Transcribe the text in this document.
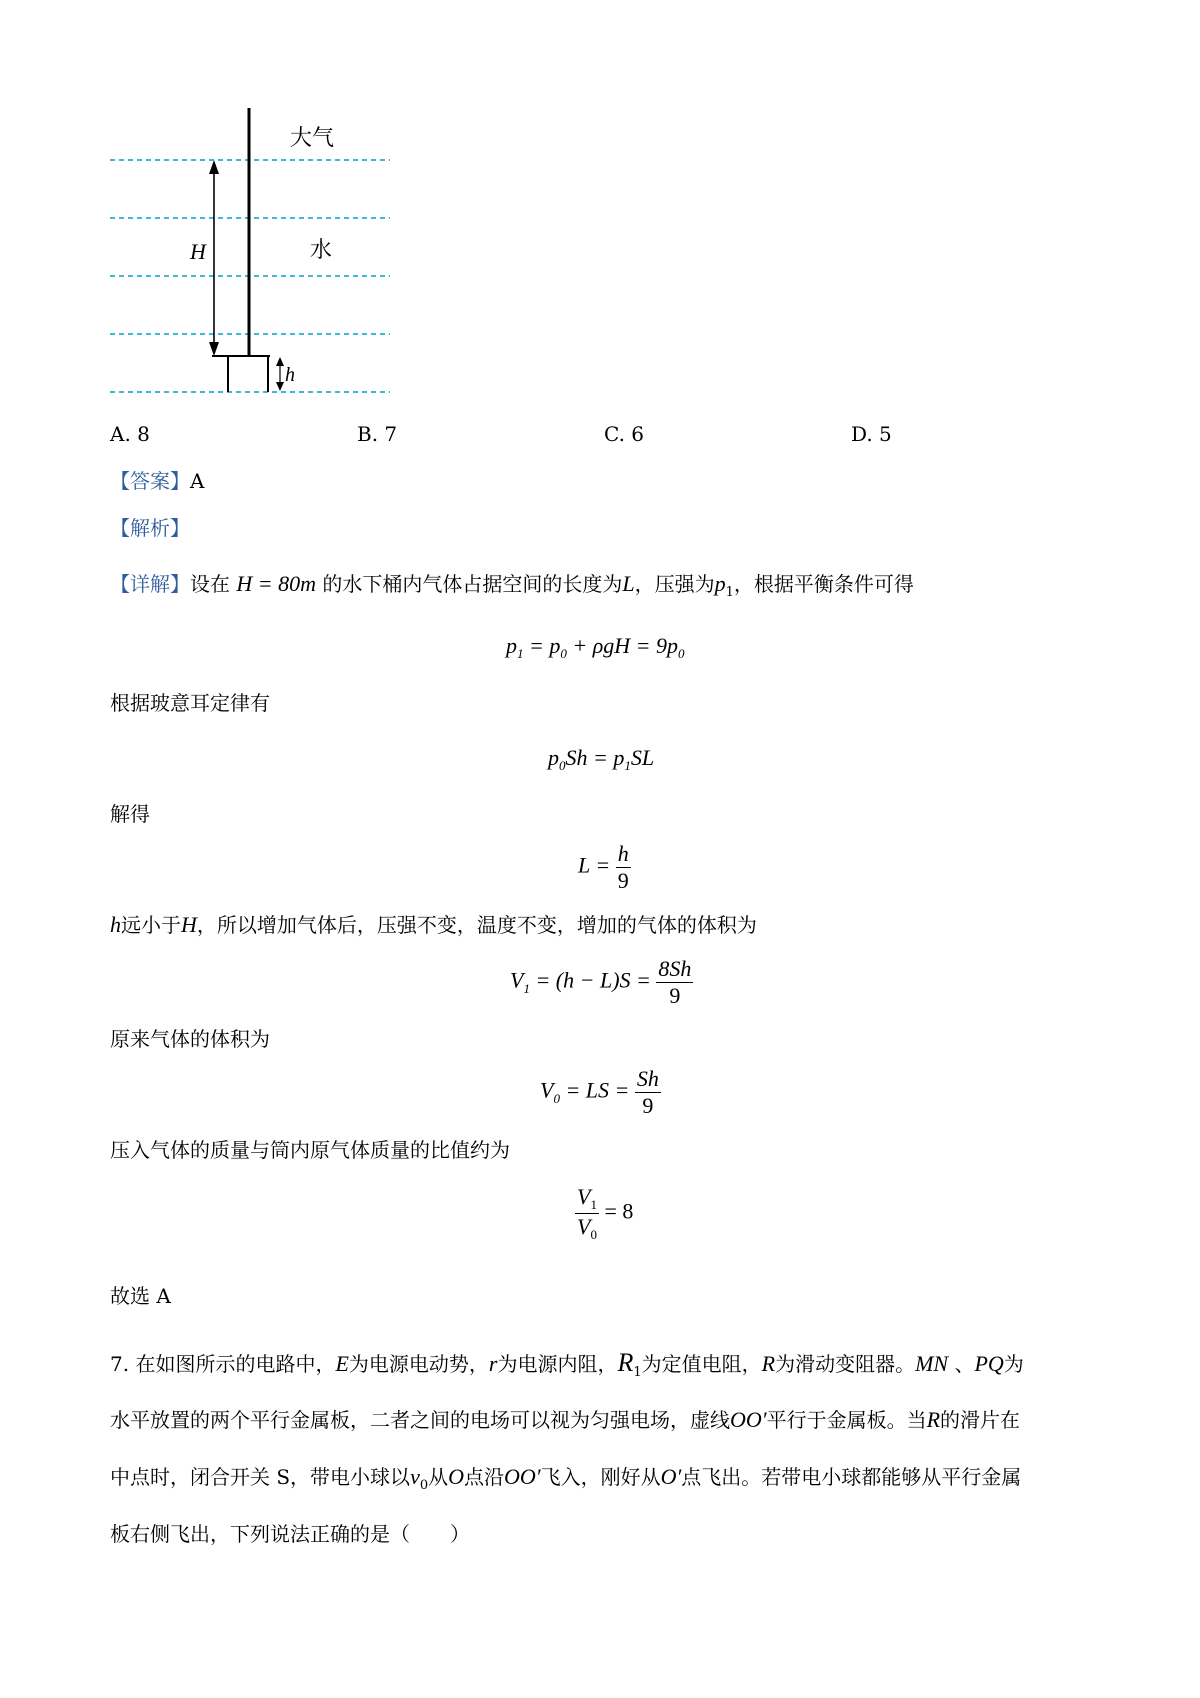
大气
水
H
h
A. 8	B. 7	C. 6	D. 5
【答案】A
【解析】
【详解】设在 H = 80m 的水下桶内气体占据空间的长度为L，压强为$p_1$，根据平衡条件可得
$p_1 = p_0 + \rho gH = 9p_0$
根据玻意耳定律有
$p_0Sh = p_1SL$
解得
$L = \frac{h}{9}$
h远小于H，所以增加气体后，压强不变，温度不变，增加的气体的体积为
$V_1 = (h - L)S = \frac{8Sh}{9}$
原来气体的体积为
$V_0$ = LS = $\frac{Sh}{9}$
压入气体的质量与筒内原气体质量的比值约为
$\frac{V_1}{V_0} = 8$
故选 A
7. 在如图所示的电路中，E为电源电动势，r为电源内阻，$R_1$为定值电阻，R为滑动变阻器。MN 、PQ为
水平放置的两个平行金属板，二者之间的电场可以视为匀强电场，虚线OO′平行于金属板。当R的滑片在
中点时，闭合开关 S，带电小球以$v_0$从O点沿OO′飞入，刚好从O′点飞出。若带电小球都能够从平行金属
板右侧飞出，下列说法正确的是（　　）
